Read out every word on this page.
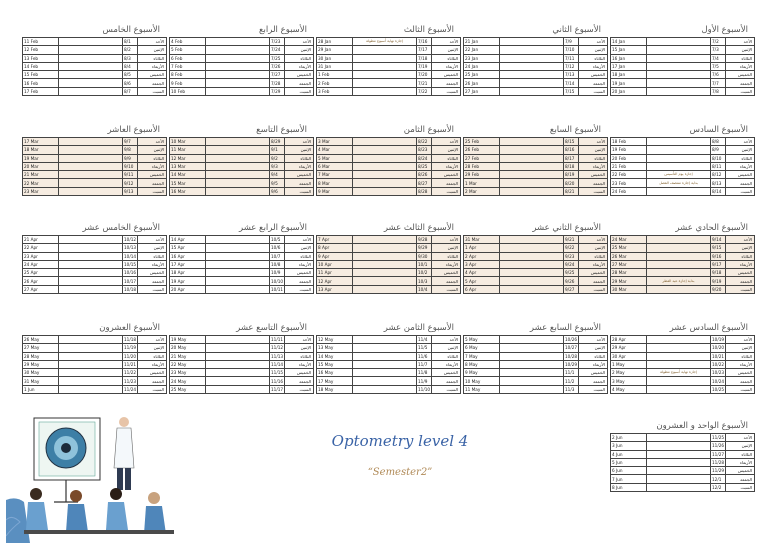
الأسبوع الأول
14 Jan		7/2	الأحد
15 Jan		7/3	الإثنين
16 Jan		7/4	الثلاثاء
17 Jan		7/5	الأربعاء
18 Jan		7/6	الخميس
19 Jan		7/7	الجمعة
20 Jan		7/8	السبت
الأسبوع الثاني
21 Jan		7/9	الأحد
22 Jan		7/10	الإثنين
23 Jan		7/11	الثلاثاء
24 Jan		7/12	الأربعاء
25 Jan		7/13	الخميس
26 Jan		7/14	الجمعة
27 Jan		7/15	السبت
الأسبوع الثالث
28 Jan	إجازة نهاية أسبوع مطولة	7/16	الأحد
29 Jan		7/17	الإثنين
30 Jan		7/18	الثلاثاء
31 Jan		7/19	الأربعاء
1 Feb		7/20	الخميس
2 Feb		7/21	الجمعة
3 Feb		7/22	السبت
الأسبوع الرابع
4 Feb		7/23	الأحد
5 Feb		7/24	الإثنين
6 Feb		7/25	الثلاثاء
7 Feb		7/26	الأربعاء
8 Feb		7/27	الخميس
9 Feb		7/28	الجمعة
10 Feb		7/29	السبت
الأسبوع الخامس
11 Feb		8/1	الأحد
12 Feb		8/2	الإثنين
13 Feb		8/3	الثلاثاء
14 Feb		8/4	الأربعاء
15 Feb		8/5	الخميس
16 Feb		8/6	الجمعة
17 Feb		8/7	السبت
الأسبوع السادس
18 Feb		8/8	الأحد
19 Feb		8/9	الإثنين
20 Feb		8/10	الثلاثاء
21 Feb		8/11	الأربعاء
22 Feb	إجازة يوم التأسيس	8/12	الخميس
23 Feb	بداية إجازة منتصف الفصل	8/13	الجمعة
24 Feb		8/14	السبت
الأسبوع السابع
25 Feb		8/15	الأحد
26 Feb		8/16	الإثنين
27 Feb		8/17	الثلاثاء
28 Feb		8/18	الأربعاء
29 Feb		8/19	الخميس
1 Mar		8/20	الجمعة
2 Mar		8/21	السبت
الأسبوع الثامن
3 Mar		8/22	الأحد
4 Mar		8/23	الإثنين
5 Mar		8/24	الثلاثاء
6 Mar		8/25	الأربعاء
7 Mar		8/26	الخميس
8 Mar		8/27	الجمعة
9 Mar		8/28	السبت
الأسبوع التاسع
10 Mar		8/29	الأحد
11 Mar		9/1	الإثنين
12 Mar		9/2	الثلاثاء
13 Mar		9/3	الأربعاء
14 Mar		9/4	الخميس
15 Mar		9/5	الجمعة
16 Mar		9/6	السبت
الأسبوع العاشر
17 Mar		9/7	الأحد
18 Mar		9/8	الإثنين
19 Mar		9/9	الثلاثاء
20 Mar		9/10	الأربعاء
21 Mar		9/11	الخميس
22 Mar		9/12	الجمعة
23 Mar		9/13	السبت
الأسبوع الحادي عشر
24 Mar		9/14	الأحد
25 Mar		9/15	الإثنين
26 Mar		9/16	الثلاثاء
27 Mar		9/17	الأربعاء
28 Mar		9/18	الخميس
29 Mar	بداية إجازة عيد الفطر	9/19	الجمعة
30 Mar		9/20	السبت
الأسبوع الثاني عشر
31 Mar		9/21	الأحد
1 Apr		9/22	الإثنين
2 Apr		9/23	الثلاثاء
3 Apr		9/24	الأربعاء
4 Apr		9/25	الخميس
5 Apr		9/26	الجمعة
6 Apr		9/27	السبت
الأسبوع الثالث عشر
7 Apr		9/28	الأحد
8 Apr		9/29	الإثنين
9 Apr		9/30	الثلاثاء
10 Apr		10/1	الأربعاء
11 Apr		10/2	الخميس
12 Apr		10/3	الجمعة
13 Apr		10/4	السبت
الأسبوع الرابع عشر
14 Apr		10/5	الأحد
15 Apr		10/6	الإثنين
16 Apr		10/7	الثلاثاء
17 Apr		10/8	الأربعاء
18 Apr		10/9	الخميس
19 Apr		10/10	الجمعة
20 Apr		10/11	السبت
الأسبوع الخامس عشر
21 Apr		10/12	الأحد
22 Apr		10/13	الإثنين
23 Apr		10/14	الثلاثاء
24 Apr		10/15	الأربعاء
25 Apr		10/16	الخميس
26 Apr		10/17	الجمعة
27 Apr		10/18	السبت
الأسبوع السادس عشر
28 Apr		10/19	الأحد
29 Apr		10/20	الإثنين
30 Apr		10/21	الثلاثاء
1 May		10/22	الأربعاء
2 May	إجازة نهاية أسبوع مطولة	10/23	الخميس
3 May		10/24	الجمعة
4 May		10/25	السبت
الأسبوع السابع عشر
5 May		10/26	الأحد
6 May		10/27	الإثنين
7 May		10/28	الثلاثاء
8 May		10/29	الأربعاء
9 May		11/1	الخميس
10 May		11/2	الجمعة
11 May		11/3	السبت
الأسبوع الثامن عشر
12 May		11/4	الأحد
13 May		11/5	الإثنين
14 May		11/6	الثلاثاء
15 May		11/7	الأربعاء
16 May		11/8	الخميس
17 May		11/9	الجمعة
18 May		11/10	السبت
الأسبوع التاسع عشر
19 May		11/11	الأحد
20 May		11/12	الإثنين
21 May		11/13	الثلاثاء
22 May		11/14	الأربعاء
23 May		11/15	الخميس
24 May		11/16	الجمعة
25 May		11/17	السبت
الأسبوع العشرون
26 May		11/18	الأحد
27 May		11/19	الإثنين
28 May		11/20	الثلاثاء
29 May		11/21	الأربعاء
30 May		11/22	الخميس
31 May		11/23	الجمعة
1 Jun		11/24	السبت
الأسبوع الواحد و العشرون
2 Jun		11/25	الأحد
3 Jun		11/26	الإثنين
4 Jun		11/27	الثلاثاء
5 Jun		11/28	الأربعاء
6 Jun		11/29	الخميس
7 Jun		12/1	الجمعة
8 Jun		12/2	السبت
Optometry level 4
“Semester2”
